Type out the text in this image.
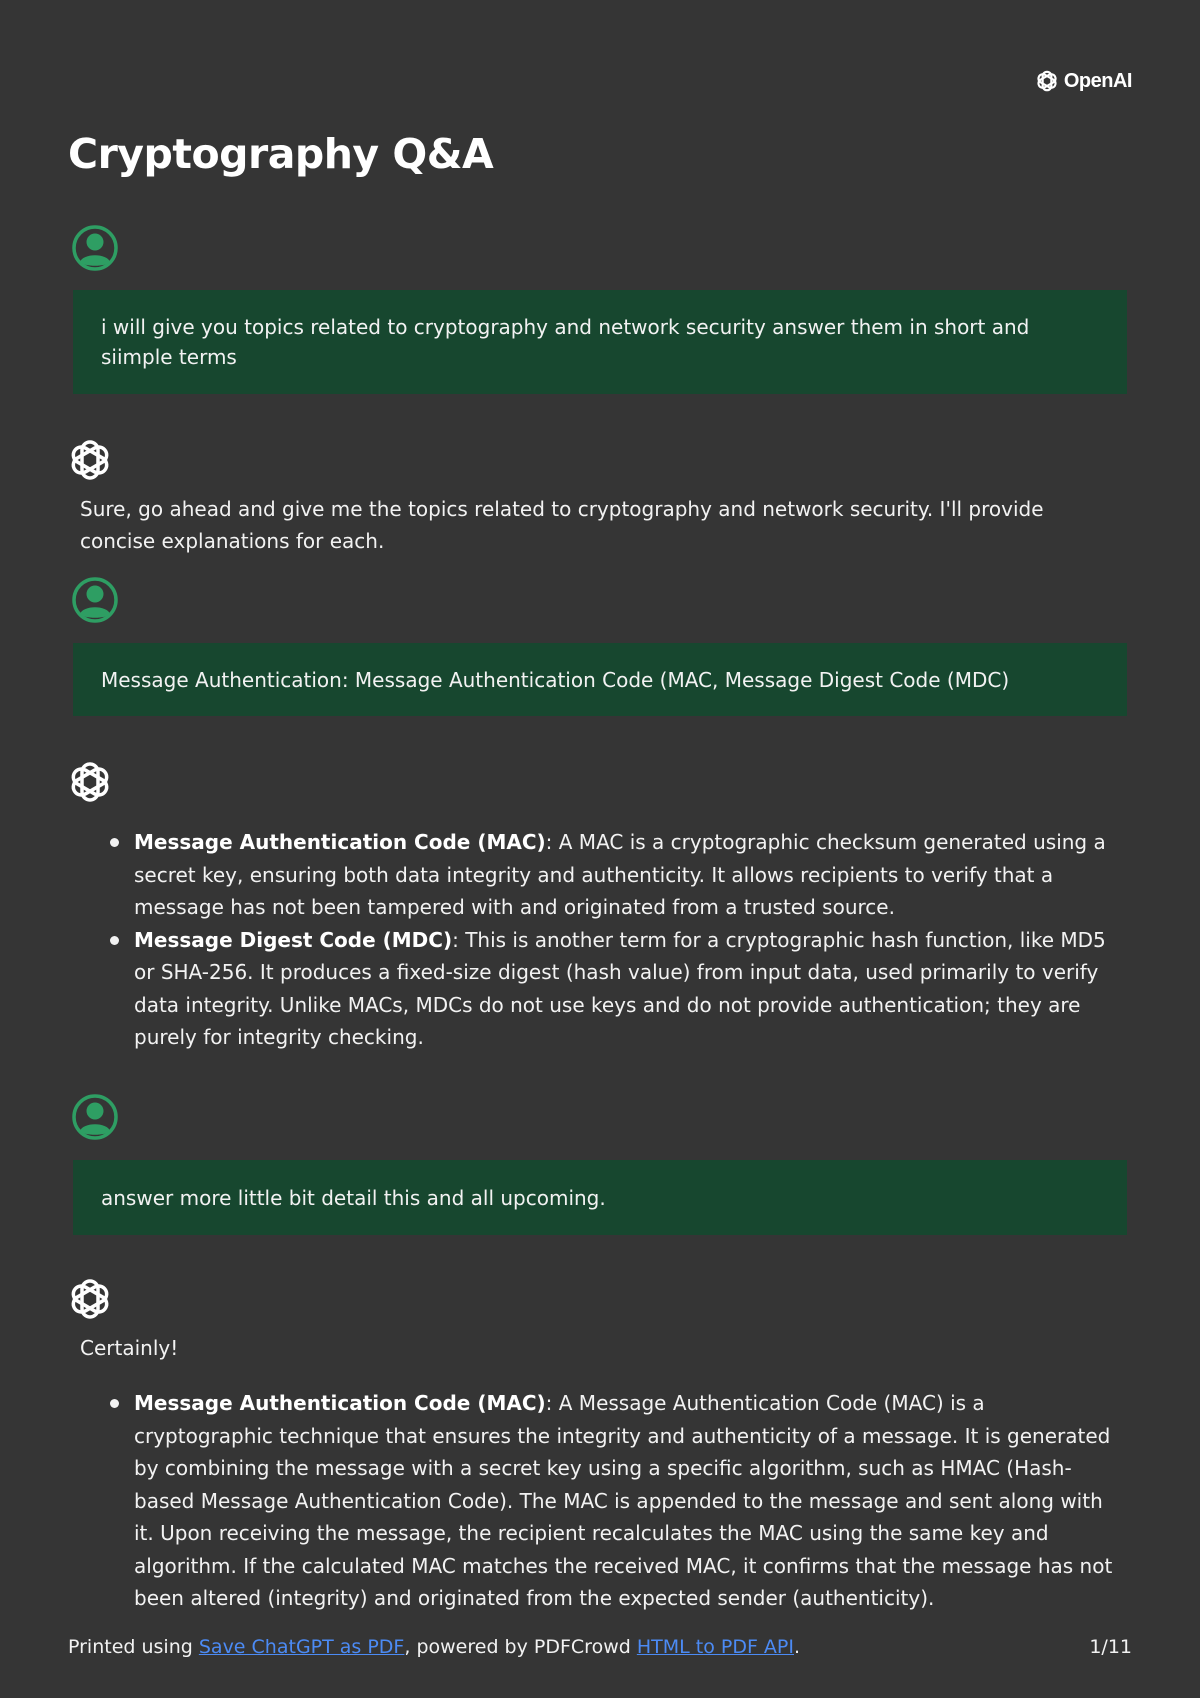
OpenAI
Cryptography Q&A
i will give you topics related to cryptography and network security answer them in short and siimple terms

Sure, go ahead and give me the topics related to cryptography and network security. I'll provide concise explanations for each.

Message Authentication: Message Authentication Code (MAC, Message Digest Code (MDC)
Message Authentication Code (MAC): A MAC is a cryptographic checksum generated using a secret key, ensuring both data integrity and authenticity. It allows recipients to verify that a message has not been tampered with and originated from a trusted source.
Message Digest Code (MDC): This is another term for a cryptographic hash function, like MD5 or SHA-256. It produces a fixed-size digest (hash value) from input data, used primarily to verify data integrity. Unlike MACs, MDCs do not use keys and do not provide authentication; they are purely for integrity checking.
answer more little bit detail this and all upcoming.

Certainly!

Message Authentication Code (MAC): A Message Authentication Code (MAC) is a cryptographic technique that ensures the integrity and authenticity of a message. It is generated by combining the message with a secret key using a specific algorithm, such as HMAC (Hash-based Message Authentication Code). The MAC is appended to the message and sent along with it. Upon receiving the message, the recipient recalculates the MAC using the same key and algorithm. If the calculated MAC matches the received MAC, it confirms that the message has not been altered (integrity) and originated from the expected sender (authenticity).
Printed using Save ChatGPT as PDF, powered by PDFCrowd HTML to PDF API.	1/11
